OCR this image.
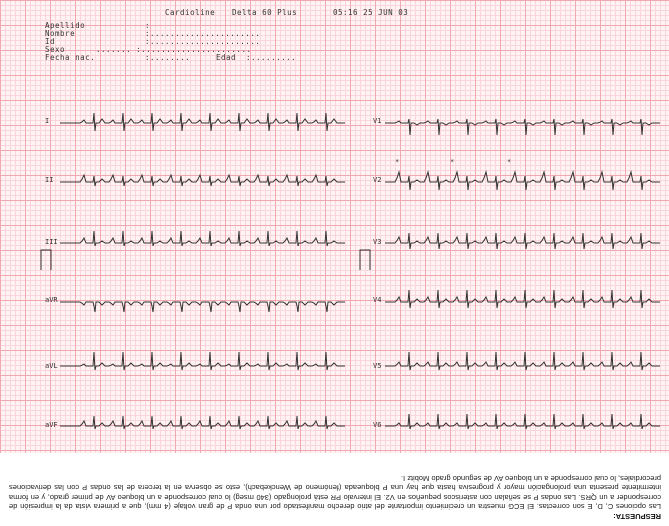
Cardioline Delta 60 Plus	05:16 25 JUN 03
Apellido	:
Nombre	:......................
Id	:......................
Sexo	....... :......................
Fecha nac.	:........	Edad :.........
I
II
III
aVR
aVL
aVF
V1
V2
V3
V4
V5
V6
*	*	*
RESPUESTA:
Las opciones C, D, E son correctas. El ECG muestra un crecimiento importante del atrio derecho manifestado por una onda P de gran voltaje (4 mm), que a primera vista da la impresión de corresponder a un QRS. Las ondas P se señalan con asteriscos pequeños en V2. El intervalo PR está prolongado (340 mseg) lo cual corresponde a un bloqueo AV de primer grado, y en forma intermitente presenta una prolongación mayor y progresiva hasta que hay una P bloqueada (fenómeno de Wenckebach), esto se observa en la tercera de las ondas P con las derivaciones precordiales, lo cual corresponde a un bloqueo AV de segundo grado Mobitz I.
